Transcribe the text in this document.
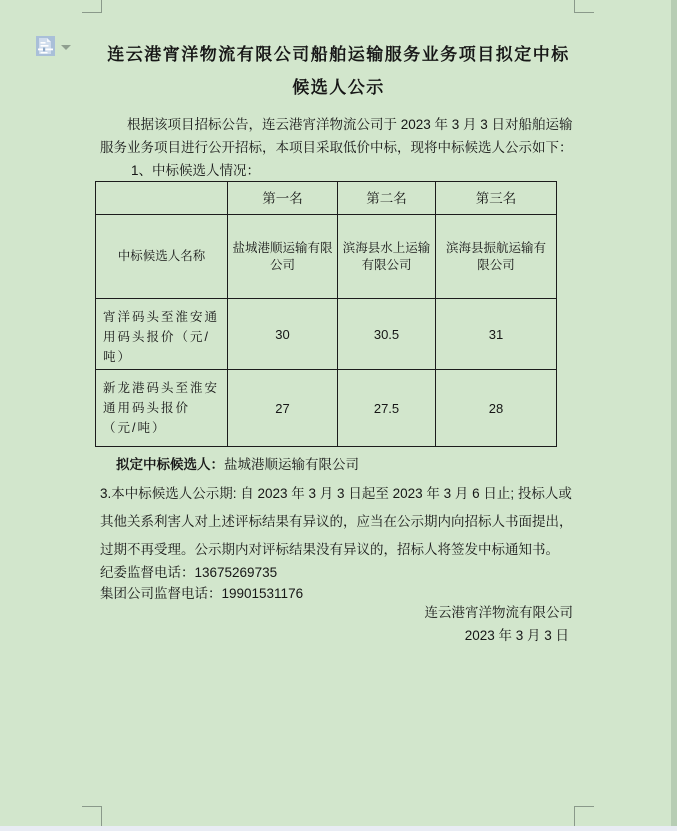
连云港宵洋物流有限公司船舶运输服务业务项目拟定中标
候选人公示
根据该项目招标公告，连云港宵洋物流公司于 2023 年 3 月 3 日对船舶运输
服务业务项目进行公开招标，本项目采取低价中标，现将中标候选人公示如下：
1、中标候选人情况：
	第一名	第二名	第三名
中标候选人名称	盐城港顺运输有限公司	滨海县水上运输有限公司	滨海县振航运输有限公司
宵洋码头至淮安通用码头报价（元/吨）	30	30.5	31
新龙港码头至淮安通用码头报价（元/吨）	27	27.5	28
拟定中标候选人：盐城港顺运输有限公司
3.本中标候选人公示期: 自 2023 年 3 月 3 日起至 2023 年 3 月 6 日止; 投标人或
其他关系利害人对上述评标结果有异议的，应当在公示期内向招标人书面提出，
过期不再受理。公示期内对评标结果没有异议的，招标人将签发中标通知书。
纪委监督电话：13675269735
集团公司监督电话：19901531176
连云港宵洋物流有限公司
2023 年 3 月 3 日
